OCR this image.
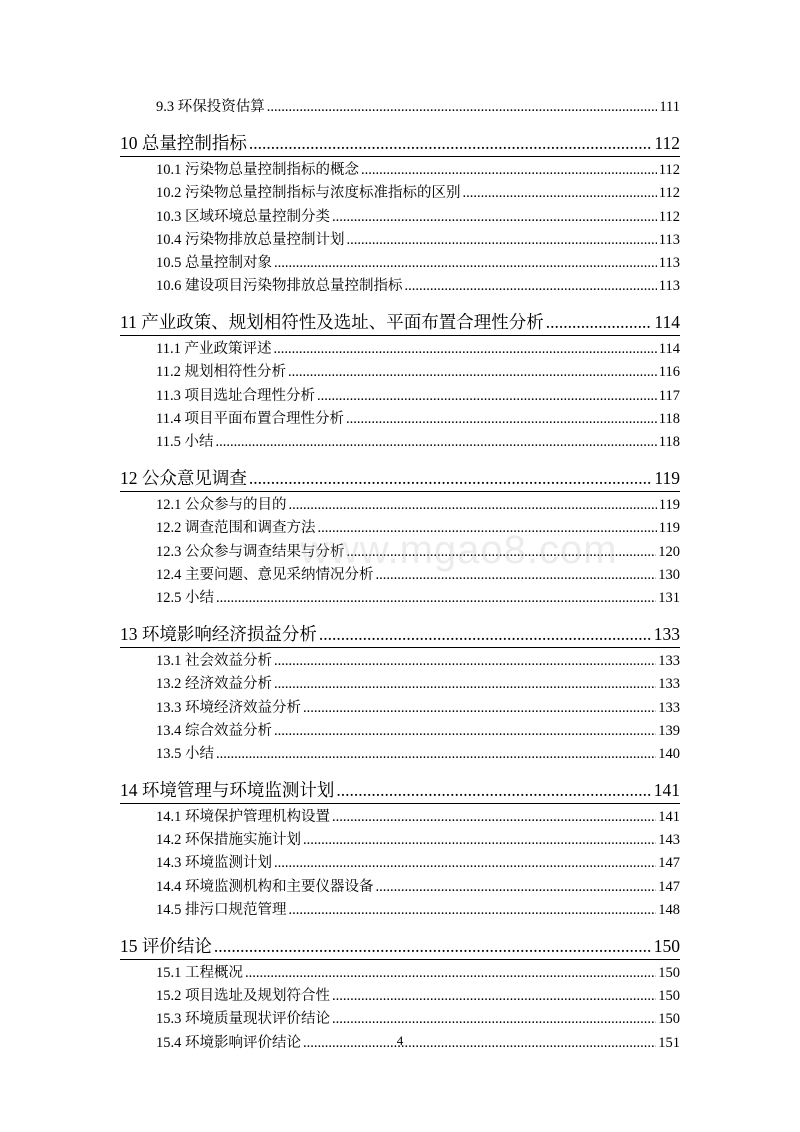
9.3 环保投资估算 .....	111
10 总量控制指标 .....	112
10.1 污染物总量控制指标的概念 .....	112
10.2 污染物总量控制指标与浓度标准指标的区别 .....	112
10.3 区域环境总量控制分类 .....	112
10.4 污染物排放总量控制计划 .....	113
10.5 总量控制对象 .....	113
10.6 建设项目污染物排放总量控制指标 .....	113
11 产业政策、规划相符性及选址、平面布置合理性分析 .....	114
11.1 产业政策评述 .....	114
11.2 规划相符性分析 .....	116
11.3 项目选址合理性分析 .....	117
11.4 项目平面布置合理性分析 .....	118
11.5 小结 .....	118
12 公众意见调查 .....	119
12.1 公众参与的目的 .....	119
12.2 调查范围和调查方法 .....	119
12.3 公众参与调查结果与分析 .....	120
12.4 主要问题、意见采纳情况分析 .....	130
12.5 小结 .....	131
13 环境影响经济损益分析 .....	133
13.1 社会效益分析 .....	133
13.2 经济效益分析 .....	133
13.3 环境经济效益分析 .....	133
13.4 综合效益分析 .....	139
13.5 小结 .....	140
14 环境管理与环境监测计划 .....	141
14.1 环境保护管理机构设置 .....	141
14.2 环保措施实施计划 .....	143
14.3 环境监测计划 .....	147
14.4 环境监测机构和主要仪器设备 .....	147
14.5 排污口规范管理 .....	148
15 评价结论 .....	150
15.1 工程概况 .....	150
15.2 项目选址及规划符合性 .....	150
15.3 环境质量现状评价结论 .....	150
15.4 环境影响评价结论 .....	151
www.mgao8.com
4
